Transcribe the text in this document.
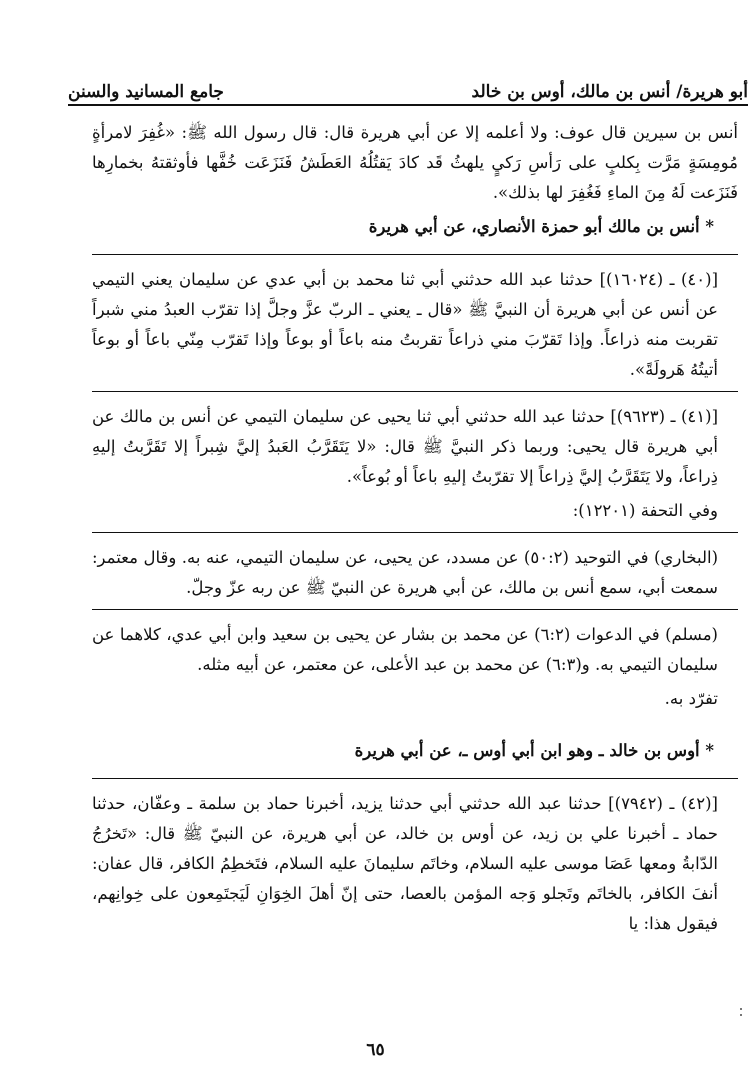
أبو هريرة/ أنس بن مالك، أوس بن خالد
جامع المسانيد والسنن

أنس بن سيرين قال عوف: ولا أعلمه إلا عن أبي هريرة قال: قال رسول الله ﷺ: «غُفِرَ لامرأةٍ مُومِسَةٍ مَرَّت بِكلبٍ على رَأسِ رَكيٍ يلهثُ قَد كادَ يَقتُلُهُ العَطَشُ فَنَزَعَت خُفَّها فأوثقتهُ بخمارِها فَنَزَعت لَهُ مِنَ الماءِ فَغُفِرَ لها بذلك».

* أنس بن مالك أبو حمزة الأنصاري، عن أبي هريرة

[(٤٠) ـ (١٦٠٢٤)] حدثنا عبد الله حدثني أبي ثنا محمد بن أبي عدي عن سليمان يعني التيمي عن أنس عن أبي هريرة أن النبيَّ ﷺ «قال ـ يعني ـ الربّ عزَّ وجلَّ إذا تقرّب العبدُ مني شبراً تقربت منه ذراعاً. وإذا تَقرّبَ مني ذراعاً تقربتُ منه باعاً أو بوعاً وإذا تَقرّب مِنّي باعاً أو بوعاً أتيتُهُ هَرولَةً».

[(٤١) ـ (٩٦٢٣)] حدثنا عبد الله حدثني أبي ثنا يحيى عن سليمان التيمي عن أنس بن مالك عن أبي هريرة قال يحيى: وربما ذكر النبيَّ ﷺ قال: «لا يَتَقَرَّبُ العَبدُ إليَّ شِبراً إلا تَقَرَّبتُ إليهِ ذِراعاً، ولا يَتَقَرَّبُ إليَّ ذِراعاً إلا تقرّبتُ إليهِ باعاً أو بُوعاً».

وفي التحفة (١٢٢٠١):

(البخاري) في التوحيد (٥٠:٢) عن مسدد، عن يحيى، عن سليمان التيمي، عنه به. وقال معتمر: سمعت أبي، سمع أنس بن مالك، عن أبي هريرة عن النبيّ ﷺ عن ربه عزّ وجلّ.

(مسلم) في الدعوات (٦:٢) عن محمد بن بشار عن يحيى بن سعيد وابن أبي عدي، كلاهما عن سليمان التيمي به. و(٦:٣) عن محمد بن عبد الأعلى، عن معتمر، عن أبيه مثله.

تفرّد به.

* أوس بن خالد ـ وهو ابن أبي أوس ـ، عن أبي هريرة

[(٤٢) ـ (٧٩٤٢)] حدثنا عبد الله حدثني أبي حدثنا يزيد، أخبرنا حماد بن سلمة ـ وعفّان، حدثنا حماد ـ أخبرنا علي بن زيد، عن أوس بن خالد، عن أبي هريرة، عن النبيّ ﷺ قال: «تَخرُجُ الدّابةُ ومعها عَصَا موسى عليه السلام، وخاتَم سليمانَ عليه السلام، فتَخطِمُ الكافر، قال عفان: أنفَ الكافر، بالخاتَم وتَجلو وَجه المؤمن بالعصا، حتى إنّ أهلَ الخِوَانِ لَيَجتَمِعون على خِوانِهم، فيقول هذا: يا

٦٥
